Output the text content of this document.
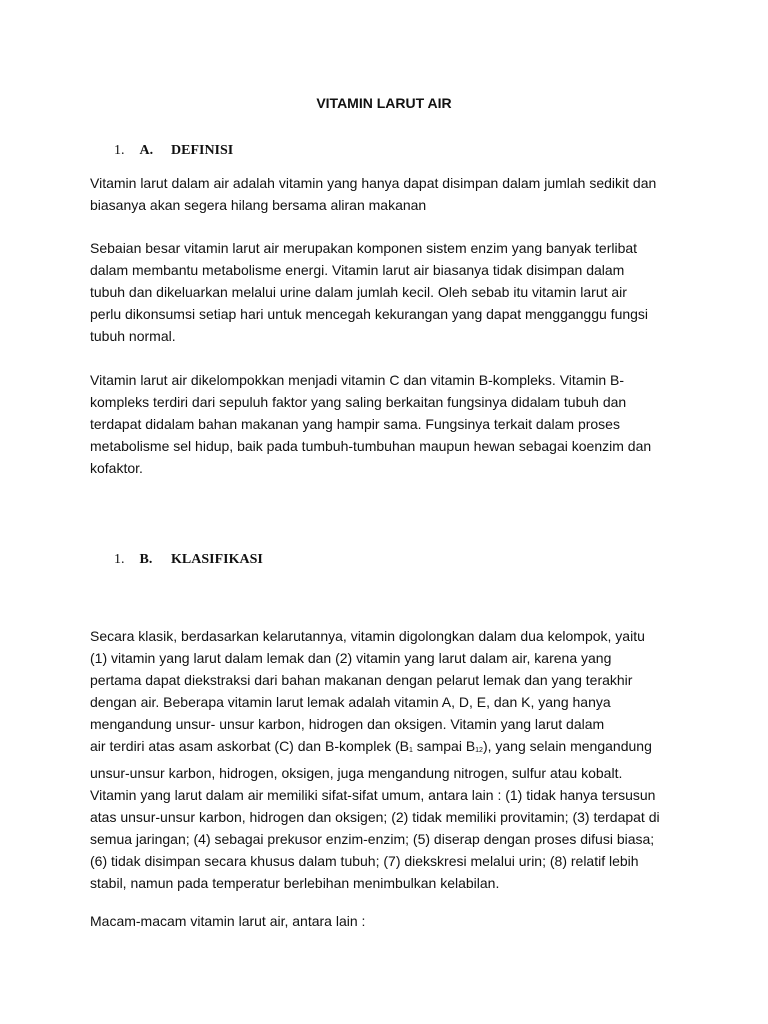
VITAMIN LARUT AIR
1. A. DEFINISI
Vitamin larut dalam air adalah vitamin yang hanya dapat disimpan dalam jumlah sedikit dan
biasanya akan segera hilang bersama aliran makanan
Sebaian besar vitamin larut air merupakan komponen sistem enzim yang banyak terlibat
dalam membantu metabolisme energi. Vitamin larut air biasanya tidak disimpan dalam
tubuh dan dikeluarkan melalui urine dalam jumlah kecil. Oleh sebab itu vitamin larut air
perlu dikonsumsi setiap hari untuk mencegah kekurangan yang dapat mengganggu fungsi
tubuh normal.
Vitamin larut air dikelompokkan menjadi vitamin C dan vitamin B-kompleks. Vitamin B-
kompleks terdiri dari sepuluh faktor yang saling berkaitan fungsinya didalam tubuh dan
terdapat didalam bahan makanan yang hampir sama. Fungsinya terkait dalam proses
metabolisme sel hidup, baik pada tumbuh-tumbuhan maupun hewan sebagai koenzim dan
kofaktor.
1. B. KLASIFIKASI
Secara klasik, berdasarkan kelarutannya, vitamin digolongkan dalam dua kelompok, yaitu
(1) vitamin yang larut dalam lemak dan (2) vitamin yang larut dalam air, karena yang
pertama dapat diekstraksi dari bahan makanan dengan pelarut lemak dan yang terakhir
dengan air. Beberapa vitamin larut lemak adalah vitamin A, D, E, dan K, yang hanya
mengandung unsur- unsur karbon, hidrogen dan oksigen. Vitamin yang larut dalam
air terdiri atas asam askorbat (C) dan B-komplek ($B_1$ sampai $B_{12}$), yang selain mengandung
unsur-unsur karbon, hidrogen, oksigen, juga mengandung nitrogen, sulfur atau kobalt.
Vitamin yang larut dalam air memiliki sifat-sifat umum, antara lain : (1) tidak hanya tersusun
atas unsur-unsur karbon, hidrogen dan oksigen; (2) tidak memiliki provitamin; (3) terdapat di
semua jaringan; (4) sebagai prekusor enzim-enzim; (5) diserap dengan proses difusi biasa;
(6) tidak disimpan secara khusus dalam tubuh; (7) diekskresi melalui urin; (8) relatif lebih
stabil, namun pada temperatur berlebihan menimbulkan kelabilan.
Macam-macam vitamin larut air, antara lain :
